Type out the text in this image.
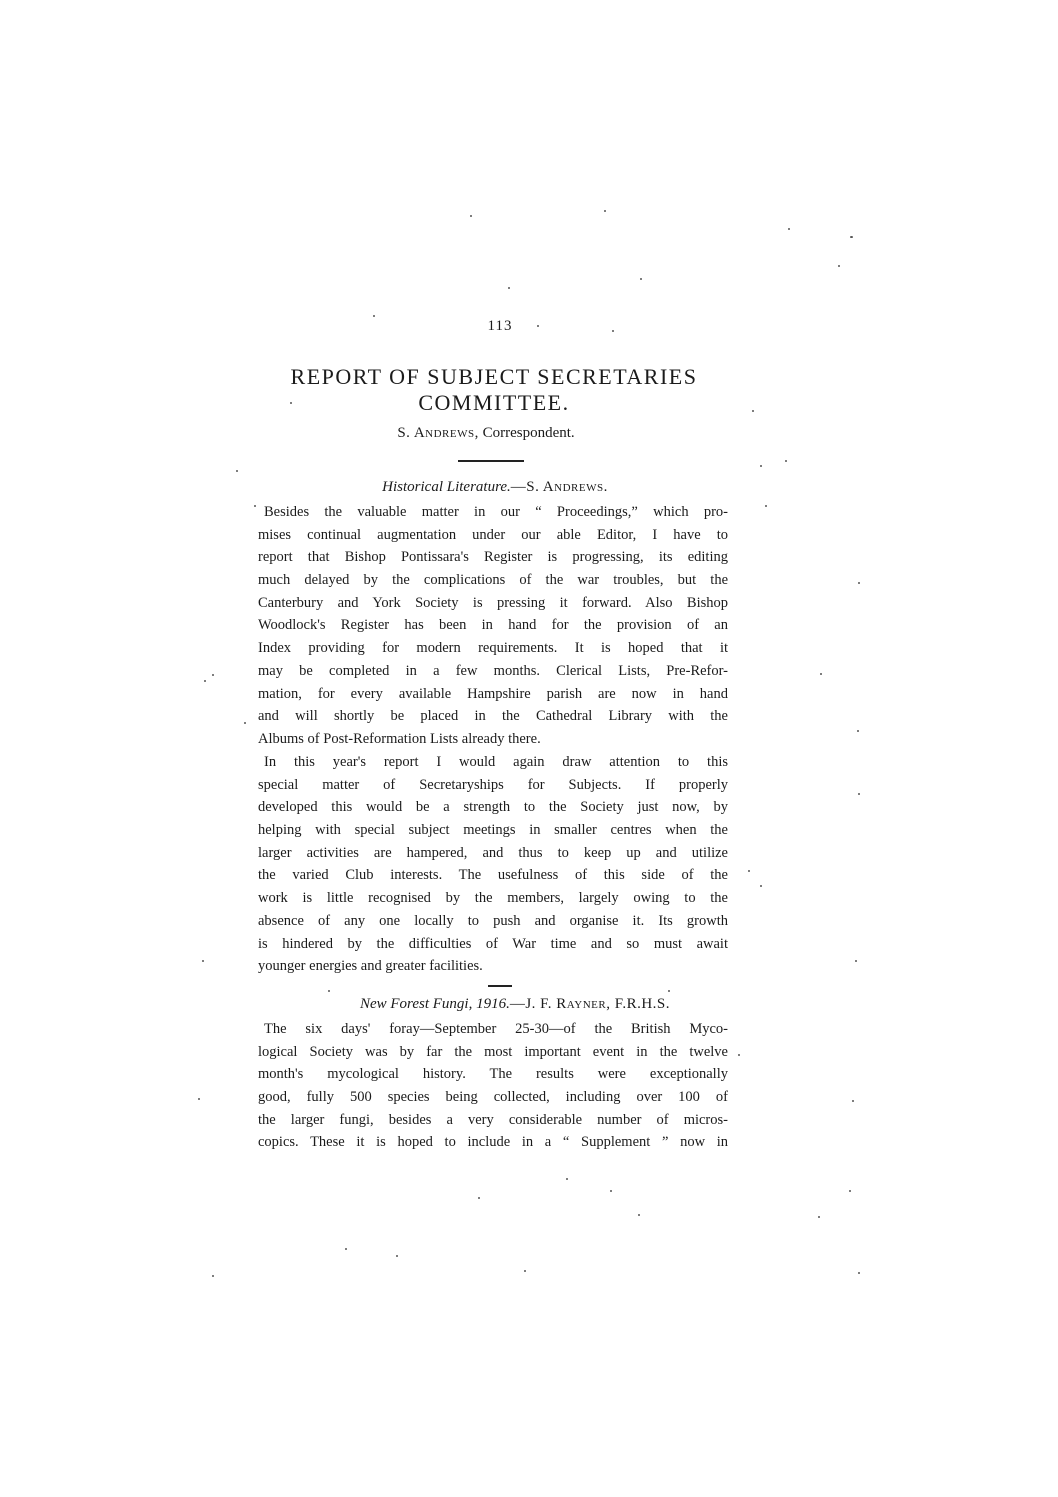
113
REPORT OF SUBJECT SECRETARIES
COMMITTEE.
S. Andrews, Correspondent.
Historical Literature.—S. Andrews.
Besides the valuable matter in our “ Proceedings,” which pro-
mises continual augmentation under our able Editor, I have to
report that Bishop Pontissara's Register is progressing, its editing
much delayed by the complications of the war troubles, but the
Canterbury and York Society is pressing it forward. Also Bishop
Woodlock's Register has been in hand for the provision of an
Index providing for modern requirements. It is hoped that it
may be completed in a few months. Clerical Lists, Pre-Refor-
mation, for every available Hampshire parish are now in hand
and will shortly be placed in the Cathedral Library with the
Albums of Post-Reformation Lists already there.
In this year's report I would again draw attention to this
special matter of Secretaryships for Subjects. If properly
developed this would be a strength to the Society just now, by
helping with special subject meetings in smaller centres when the
larger activities are hampered, and thus to keep up and utilize
the varied Club interests. The usefulness of this side of the
work is little recognised by the members, largely owing to the
absence of any one locally to push and organise it. Its growth
is hindered by the difficulties of War time and so must await
younger energies and greater facilities.
New Forest Fungi, 1916.—J. F. Rayner, F.R.H.S.
The six days' foray—September 25-30—of the British Myco-
logical Society was by far the most important event in the twelve
month's mycological history. The results were exceptionally
good, fully 500 species being collected, including over 100 of
the larger fungi, besides a very considerable number of micros-
copics. These it is hoped to include in a “ Supplement ” now in
